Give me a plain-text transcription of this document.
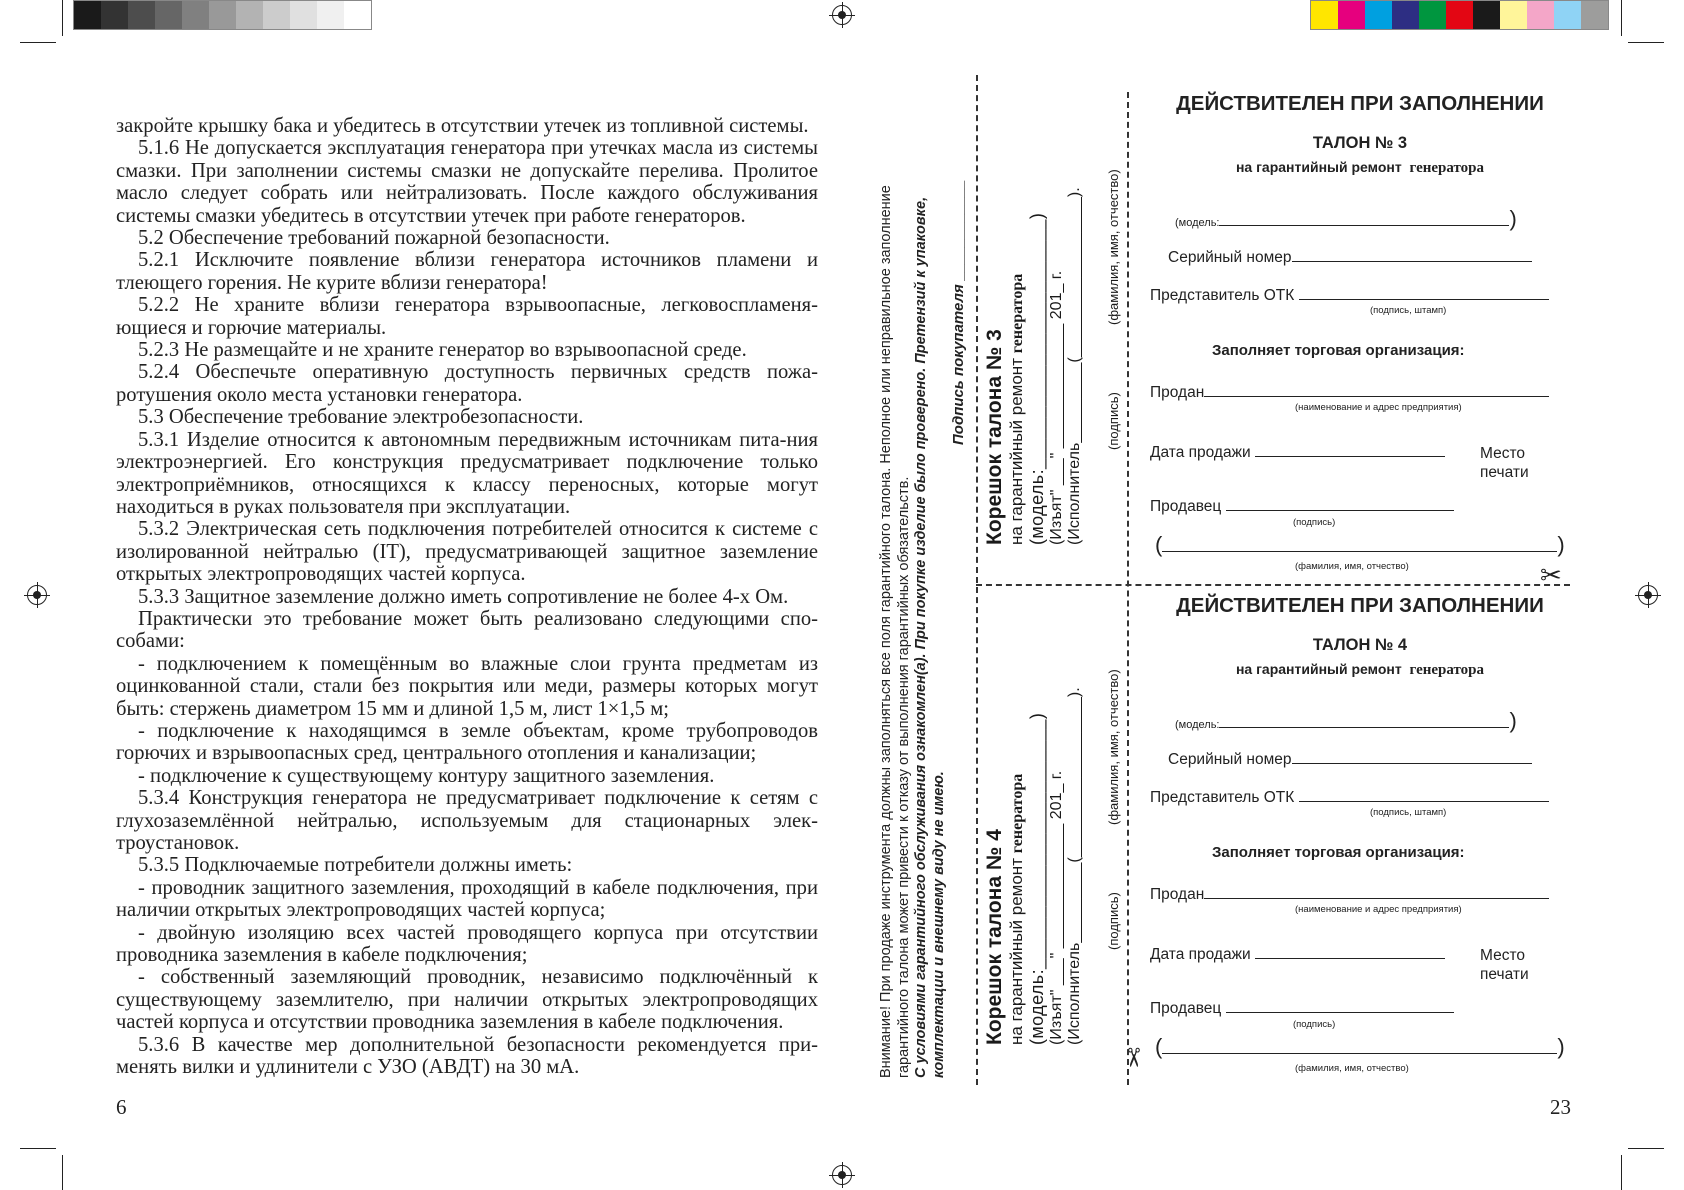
закройте крышку бака и убедитесь в отсутствии утечек из топливной системы.

5.1.6 Не допускается эксплуатация генератора при утечках масла из системы смазки. При заполнении системы смазки не допускайте перелива. Пролитое масло следует собрать или нейтрализовать. После каждого обслуживания системы смазки убедитесь в отсутствии утечек при работе генераторов.

5.2 Обеспечение требований пожарной безопасности.

5.2.1 Исключите появление вблизи генератора источников пламени и тлеющего горения. Не курите вблизи генератора!

5.2.2 Не храните вблизи генератора взрывоопасные, легковоспламеня-ющиеся и горючие материалы.

5.2.3 Не размещайте и не храните генератор во взрывоопасной среде.

5.2.4 Обеспечьте оперативную доступность первичных средств пожа-ротушения около места установки генератора.

5.3 Обеспечение требование электробезопасности.

5.3.1 Изделие относится к автономным передвижным источникам пита-ния электроэнергией. Его конструкция предусматривает подключение только электроприёмников, относящихся к классу переносных, которые могут находиться в руках пользователя при эксплуатации.

5.3.2 Электрическая сеть подключения потребителей относится к системе с изолированной нейтралью (IT), предусматривающей защитное заземление открытых электропроводящих частей корпуса.

5.3.3 Защитное заземление должно иметь сопротивление не более 4-х Ом.

Практически это требование может быть реализовано следующими спо-собами:

- подключением к помещённым во влажные слои грунта предметам из оцинкованной стали, стали без покрытия или меди, размеры которых могут быть: стержень диаметром 15 мм и длиной 1,5 м, лист 1×1,5 м;

- подключение к находящимся в земле объектам, кроме трубопроводов горючих и взрывоопасных сред, центрального отопления и канализации;

- подключение к существующему контуру защитного заземления.

5.3.4 Конструкция генератора не предусматривает подключение к сетям с глухозаземлённой нейтралью, используемым для стационарных элек-троустановок.

5.3.5 Подключаемые потребители должны иметь:

- проводник защитного заземления, проходящий в кабеле подключения, при наличии открытых электропроводящих частей корпуса;

- двойную изоляцию всех частей проводящего корпуса при отсутствии проводника заземления в кабеле подключения;

- собственный заземляющий проводник, независимо подключённый к существующему заземлителю, при наличии открытых электропроводящих частей корпуса и отсутствии проводника заземления в кабеле подключения.

5.3.6 В качестве мер дополнительной безопасности рекомендуется при-менять вилки и удлинители с УЗО (АВДТ) на 30 мА.

6
Внимание! При продаже инструмента должны заполняться все поля гарантийного талона. Неполное или неправильное заполнение гарантийного талона может привести к отказу от выполнения гарантийных обязательств. С условиями гарантийного обслуживания ознакомлен(а). При покупке изделие было проверено. Претензий к упаковке, комплектации и внешнему виду не имею.
Подпись покупателя ____________ Корешок талона № 3 на гарантийный ремонт генератора (модель:________________________) (Изъят" ___" ______________ 201_ г. (Исполнитель_________(__________________). (подпись)
(фамилия, имя, отчество)
Корешок талона № 4 на гарантийный ремонт генератора (модель:________________________) (Изъят" ___" ______________ 201_ г. (Исполнитель_________(__________________). (подпись)
(фамилия, имя, отчество)
ДЕЙСТВИТЕЛЕН ПРИ ЗАПОЛНЕНИИ
ТАЛОН № 3
на гарантийный ремонт генератора
(модель:	)
Серийный номер
Представитель ОТК
(подпись, штамп)
Заполняет торговая организация:
Продан
(наименование и адрес предприятия)
Дата продажи	Место печати
Продавец
(подпись)
(	)
(фамилия, имя, отчество)
ДЕЙСТВИТЕЛЕН ПРИ ЗАПОЛНЕНИИ
ТАЛОН № 4
на гарантийный ремонт генератора
(модель:	)
Серийный номер
Представитель ОТК
(подпись, штамп)
Заполняет торговая организация:
Продан
(наименование и адрес предприятия)
Дата продажи	Место печати
Продавец
(подпись)
(	)
(фамилия, имя, отчество)
✂
✂
23
